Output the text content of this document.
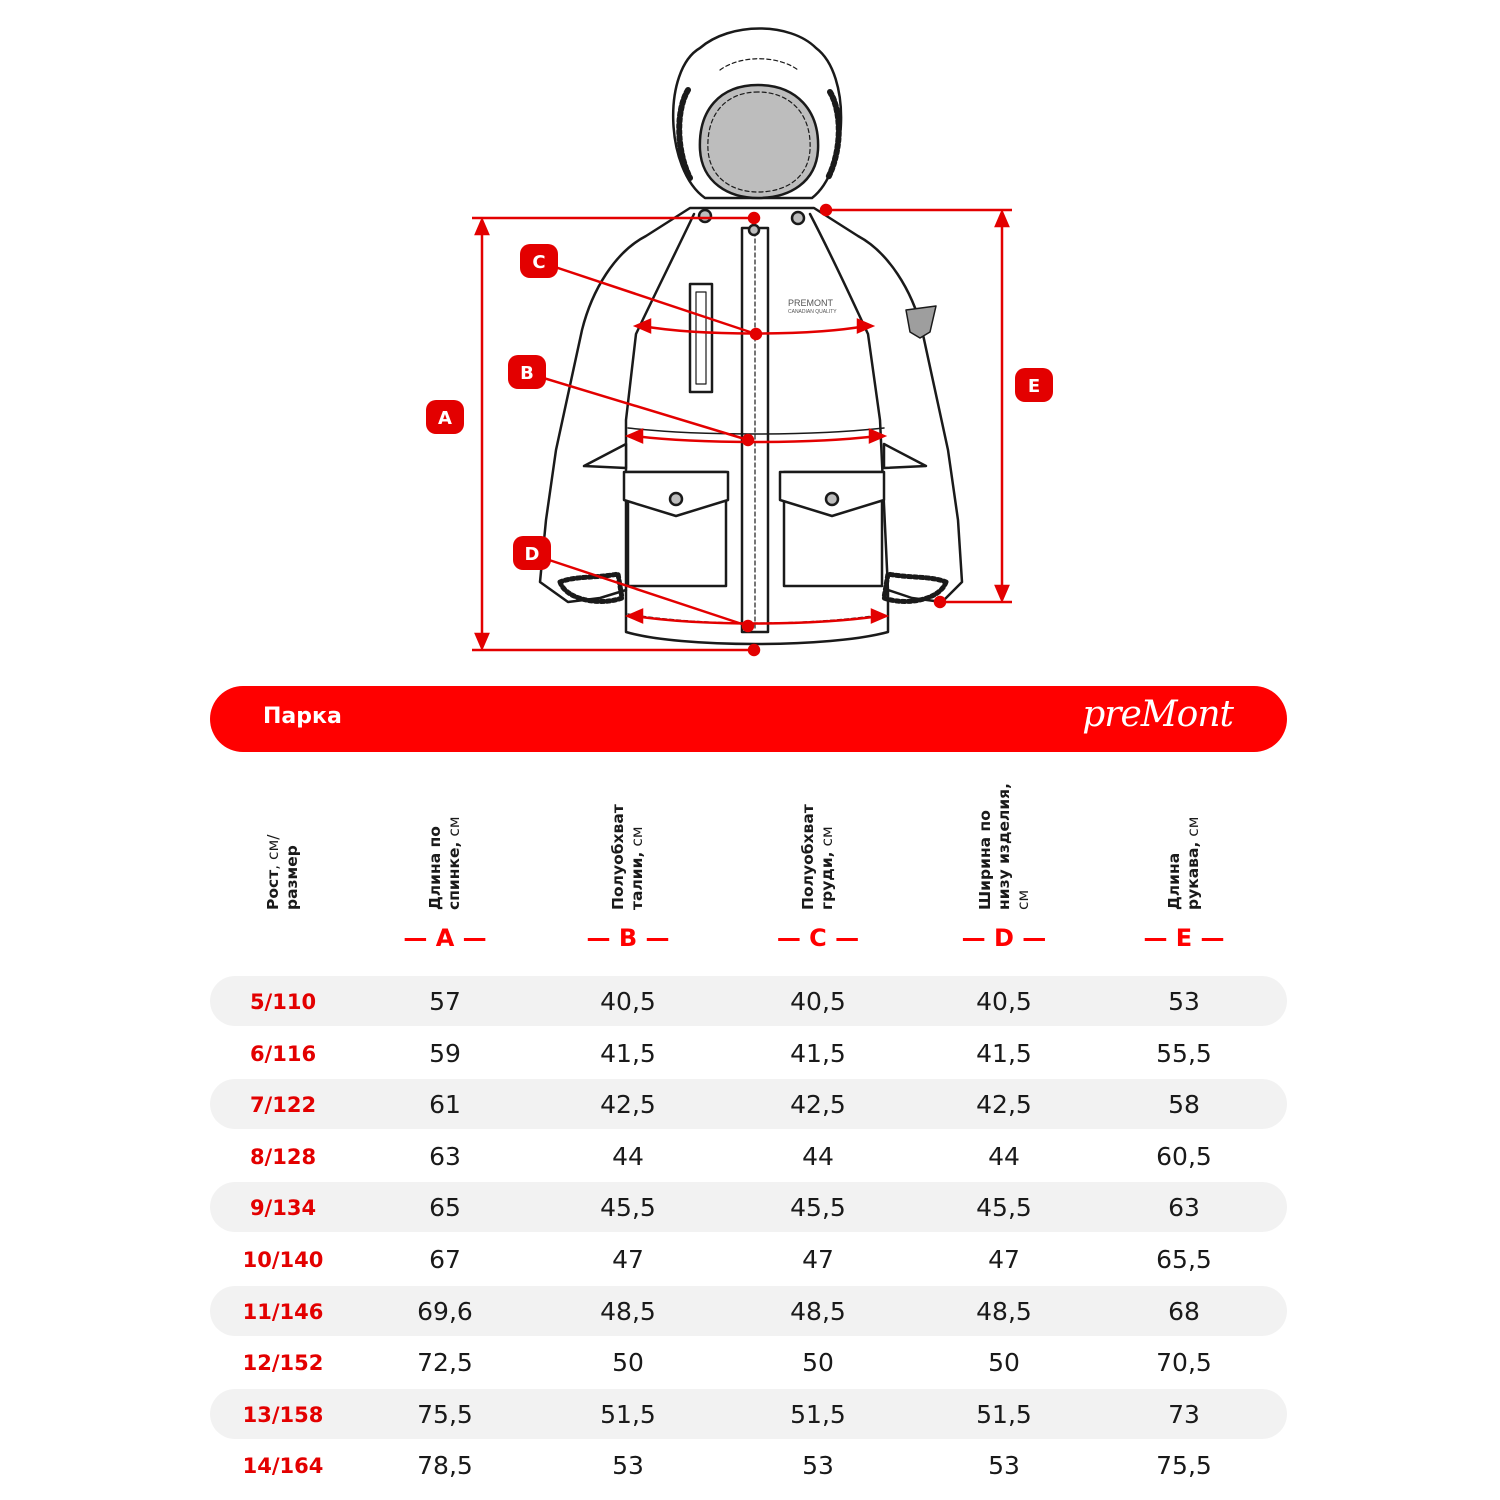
PREMONT
CANADIAN QUALITY
C
B
A
D
E
Парка	preMont
Рост, см/ размер	Длина по спинке, см
— A —
Полуобхват талии, см
— B —
Полуобхват груди, см
— C —
Ширина по низу изделия, см
— D —
Длина рукава, см
— E —
5/110	57	40,5	40,5	40,5	53
6/116	59	41,5	41,5	41,5	55,5
7/122	61	42,5	42,5	42,5	58
8/128	63	44	44	44	60,5
9/134	65	45,5	45,5	45,5	63
10/140	67	47	47	47	65,5
11/146	69,6	48,5	48,5	48,5	68
12/152	72,5	50	50	50	70,5
13/158	75,5	51,5	51,5	51,5	73
14/164	78,5	53	53	53	75,5
